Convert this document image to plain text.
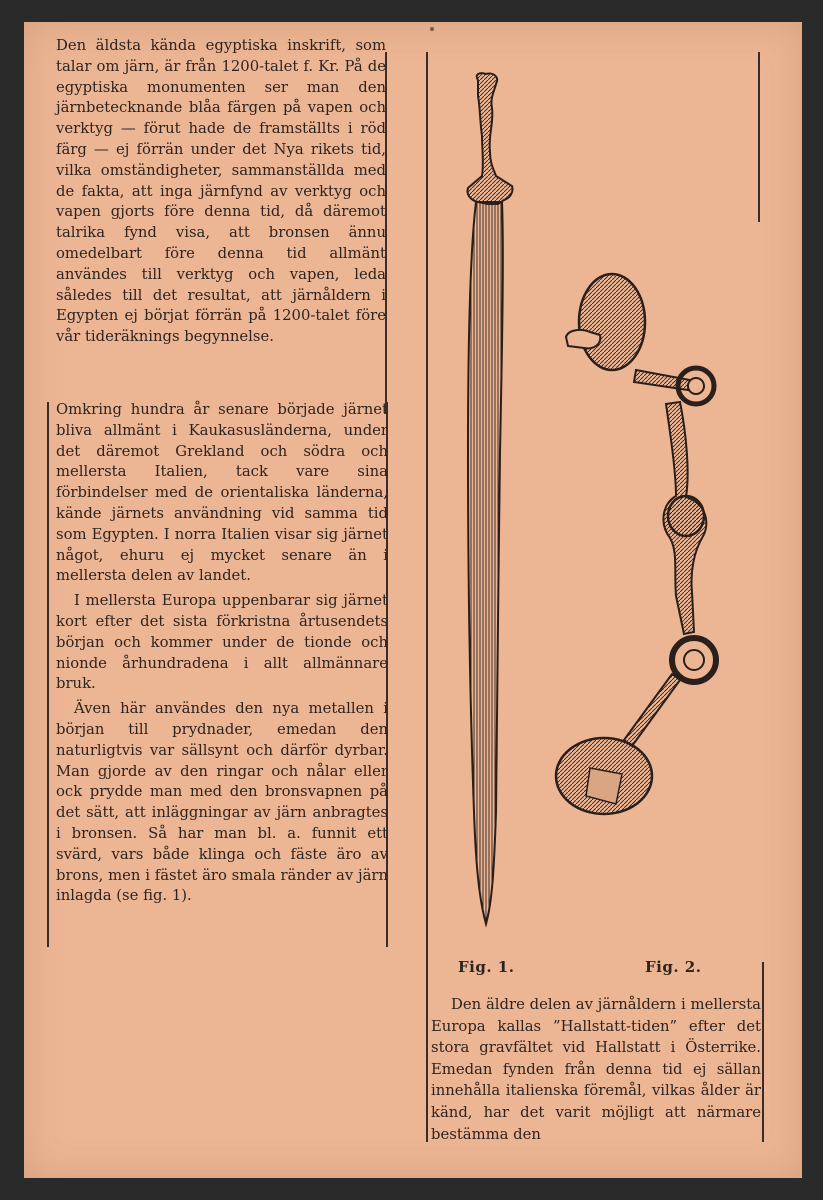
Den äldsta kända egyptiska inskrift, som talar om järn, är från 1200-talet f. Kr. På de egyptiska monumenten ser man den järnbetecknande blåa färgen på vapen och verktyg — förut hade de framställts i röd färg — ej förrän under det Nya rikets tid, vilka omständigheter, sammanställda med de fakta, att inga järnfynd av verktyg och vapen gjorts före denna tid, då däremot talrika fynd visa, att bronsen ännu omedelbart före denna tid allmänt användes till verktyg och vapen, leda således till det resultat, att järnåldern i Egypten ej börjat förrän på 1200-talet före vår tideräknings begynnelse.

Omkring hundra år senare började järnet bliva allmänt i Kaukasusländerna, under det däremot Grekland och södra och mellersta Italien, tack vare sina förbindelser med de orientaliska länderna, kände järnets användning vid samma tid som Egypten. I norra Italien visar sig järnet något, ehuru ej mycket senare än i mellersta delen av landet.

I mellersta Europa uppenbarar sig järnet kort efter det sista förkristna årtusendets början och kommer under de tionde och nionde århundradena i allt allmännare bruk.

Även här användes den nya metallen i början till prydnader, emedan den naturligtvis var sällsynt och därför dyrbar. Man gjorde av den ringar och nålar eller ock prydde man med den bronsvapnen på det sätt, att inläggningar av järn anbragtes i bronsen. Så har man bl. a. funnit ett svärd, vars både klinga och fäste äro av brons, men i fästet äro smala ränder av järn inlagda (se fig. 1).

Fig. 1.	Fig. 2.

Den äldre delen av järnåldern i mellersta Europa kallas ”Hallstatt-tiden” efter det stora gravfältet vid Hallstatt i Österrike. Emedan fynden från denna tid ej sällan innehålla italienska föremål, vilkas ålder är känd, har det varit möjligt att närmare bestämma den
